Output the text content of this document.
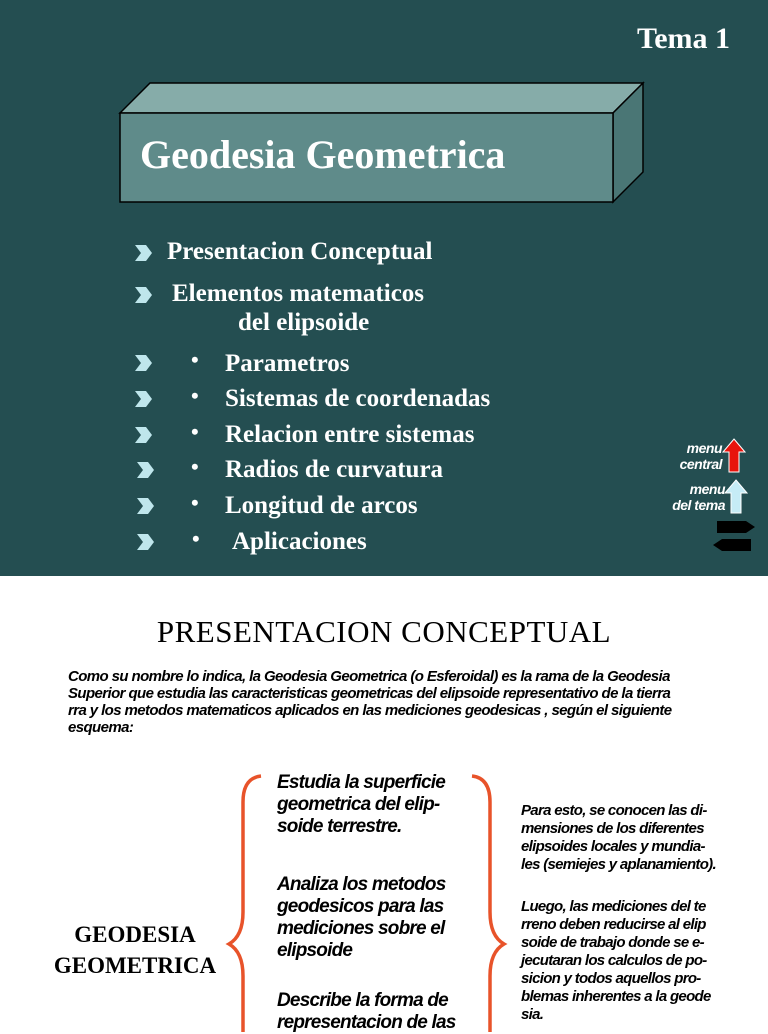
Tema 1
Geodesia Geometrica
Presentacion Conceptual
Elementos matematicos
del elipsoide
• Parametros
• Sistemas de coordenadas
• Relacion entre sistemas
• Radios de curvatura
• Longitud de arcos
• Aplicaciones
menu
central
menu
del tema
PRESENTACION CONCEPTUAL
Como su nombre lo indica, la Geodesia Geometrica (o Esferoidal) es la rama de la Geodesia
Superior que estudia las caracteristicas geometricas del elipsoide representativo de la tierra
rra y los metodos matematicos aplicados en las mediciones geodesicas , según el siguiente
esquema:
GEODESIA
GEOMETRICA
Estudia la superficie
geometrica del elip-
soide terrestre.
Analiza los metodos
geodesicos para las
mediciones sobre el
elipsoide
Describe la forma de
representacion de las
Para esto, se conocen las di-
mensiones de los diferentes
elipsoides locales y mundia-
les (semiejes y aplanamiento).
Luego, las mediciones del te
rreno deben reducirse al elip
soide de trabajo donde se e-
jecutaran los calculos de po-
sicion y todos aquellos pro-
blemas inherentes a la geode
sia.
